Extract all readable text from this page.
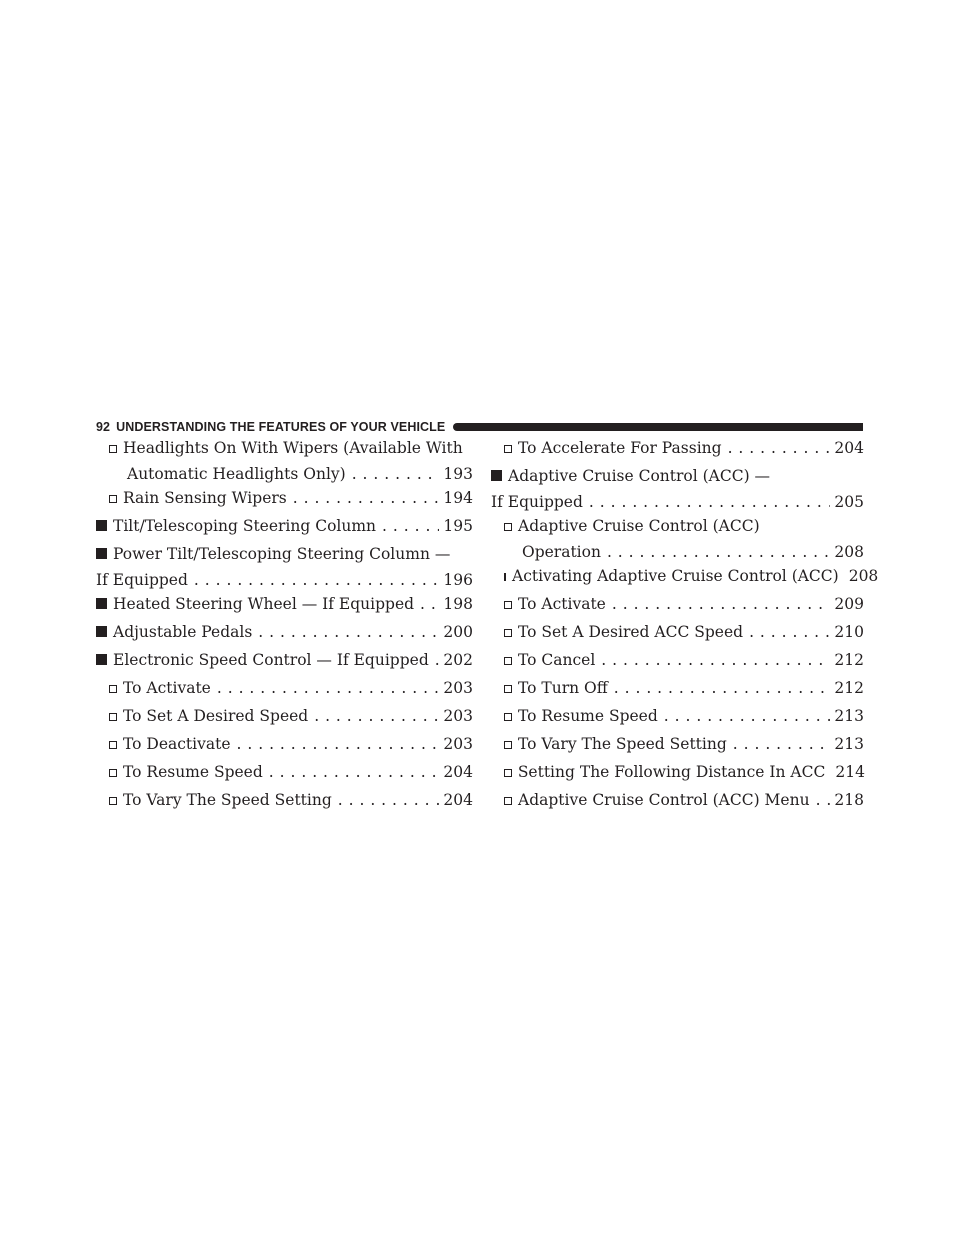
92 UNDERSTANDING THE FEATURES OF YOUR VEHICLE
Headlights On With Wipers (Available With
Automatic Headlights Only) . . .	193
Rain Sensing Wipers . . .	194
Tilt/Telescoping Steering Column . . .	195
Power Tilt/Telescoping Steering Column —
If Equipped . . .	196
Heated Steering Wheel — If Equipped . . . 198
Adjustable Pedals . . .	200
Electronic Speed Control — If Equipped . . . 202
To Activate . . .	203
To Set A Desired Speed . . .	203
To Deactivate . . .	203
To Resume Speed . . .	204
To Vary The Speed Setting . . .	204
To Accelerate For Passing . . .	204
Adaptive Cruise Control (ACC) —
If Equipped . . .	205
Adaptive Cruise Control (ACC)
Operation . . .	208
Activating Adaptive Cruise Control (ACC) 208
To Activate . . .	209
To Set A Desired ACC Speed . . .	210
To Cancel . . .	212
To Turn Off . . .	212
To Resume Speed . . .	213
To Vary The Speed Setting . . .	213
Setting The Following Distance In ACC 214
Adaptive Cruise Control (ACC) Menu . . . 218
